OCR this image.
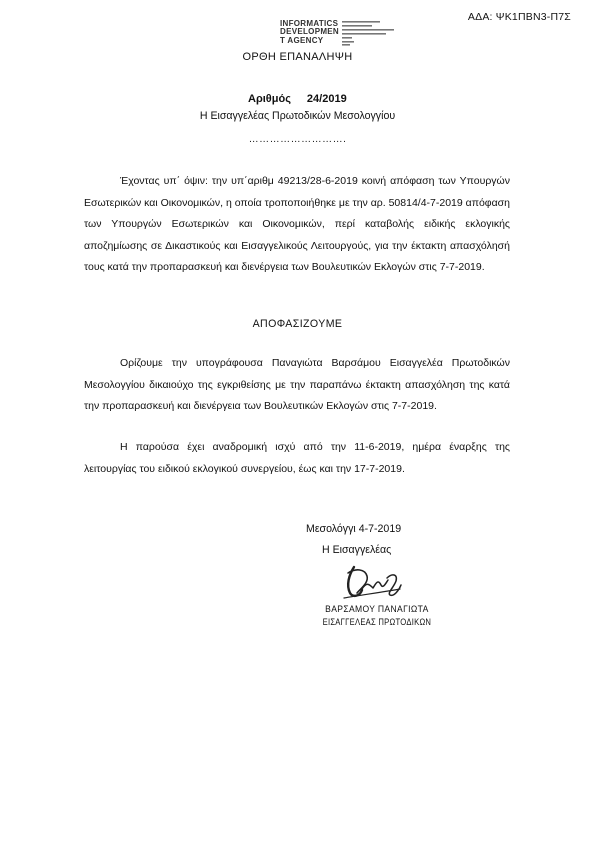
ΑΔΑ: ΨΚ1ΠΒΝ3-Π7Σ
INFORMATICS
DEVELOPMEN
T AGENCY
ΟΡΘΗ ΕΠΑΝΑΛΗΨΗ
Αριθμός 24/2019
Η Εισαγγελέας Πρωτοδικών Μεσολογγίου
……………………….
Έχοντας υπ΄ όψιν: την υπ΄αριθμ 49213/28-6-2019 κοινή απόφαση των Υπουργών Εσωτερικών και Οικονομικών, η οποία τροποποιήθηκε με την αρ. 50814/4-7-2019 απόφαση των Υπουργών Εσωτερικών και Οικονομικών, περί καταβολής ειδικής εκλογικής αποζημίωσης σε Δικαστικούς και Εισαγγελικούς Λειτουργούς, για την έκτακτη απασχόλησή τους κατά την προπαρασκευή και διενέργεια των Βουλευτικών Εκλογών στις 7-7-2019.
ΑΠΟΦΑΣΙΖΟΥΜΕ
Ορίζουμε την υπογράφουσα Παναγιώτα Βαρσάμου Εισαγγελέα Πρωτοδικών Μεσολογγίου δικαιούχο της εγκριθείσης με την παραπάνω έκτακτη απασχόληση της κατά την προπαρασκευή και διενέργεια των Βουλευτικών Εκλογών στις 7-7-2019.
Η παρούσα έχει αναδρομική ισχύ από την 11-6-2019, ημέρα έναρξης της λειτουργίας του ειδικού εκλογικού συνεργείου, έως και την 17-7-2019.
Μεσολόγγι 4-7-2019
Η Εισαγγελέας
ΒΑΡΣΑΜΟΥ ΠΑΝΑΓΙΩΤΑ
ΕΙΣΑΓΓΕΛΕΑΣ ΠΡΩΤΟΔΙΚΩΝ
